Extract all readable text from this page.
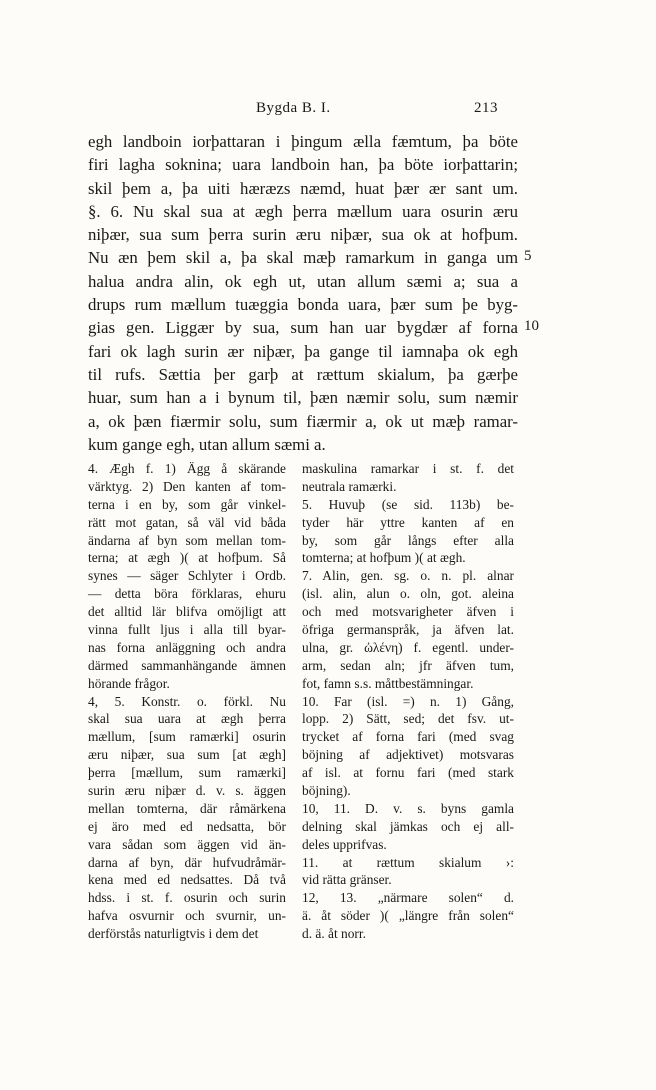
Bygda B. I.	213
egh landboin iorþattaran i þingum ælla fæmtum, þa böte
firi lagha soknina; uara landboin han, þa böte iorþattarin;
skil þem a, þa uiti hæræzs næmd, huat þær ær sant um.
§. 6. Nu skal sua at ægh þerra mællum uara osurin æru
niþær, sua sum þerra surin æru niþær, sua ok at hofþum.
Nu æn þem skil a, þa skal mæþ ramarkum in ganga um
halua andra alin, ok egh ut, utan allum sæmi a; sua a
drups rum mællum tuæggia bonda uara, þær sum þe byg-
gias gen. Liggær by sua, sum han uar bygdær af forna
fari ok lagh surin ær niþær, þa gange til iamnaþa ok egh
til rufs. Sættia þer garþ at rættum skialum, þa gærþe
huar, sum han a i bynum til, þæn næmir solu, sum næmir
a, ok þæn fiærmir solu, sum fiærmir a, ok ut mæþ ramar-
kum gange egh, utan allum sæmi a.
5
10
4. Ægh f. 1) Ägg å skärande
värktyg. 2) Den kanten af tom-
terna i en by, som går vinkel-
rätt mot gatan, så väl vid båda
ändarna af byn som mellan tom-
terna; at ægh )( at hofþum. Så
synes — säger Schlyter i Ordb.
— detta böra förklaras, ehuru
det alltid lär blifva omöjligt att
vinna fullt ljus i alla till byar-
nas forna anläggning och andra
därmed sammanhängande ämnen
hörande frågor.
4, 5. Konstr. o. förkl. Nu
skal sua uara at ægh þerra
mællum, [sum ramærki] osurin
æru niþær, sua sum [at ægh]
þerra [mællum, sum ramærki]
surin æru niþær d. v. s. äggen
mellan tomterna, där råmärkena
ej äro med ed nedsatta, bör
vara sådan som äggen vid än-
darna af byn, där hufvudråmär-
kena med ed nedsattes. Då två
hdss. i st. f. osurin och surin
hafva osvurnir och svurnir, un-
derförstås naturligtvis i dem det
maskulina ramarkar i st. f. det
neutrala ramærki.
5. Huvuþ (se sid. 113b) be-
tyder här yttre kanten af en
by, som går långs efter alla
tomterna; at hofþum )( at ægh.
7. Alin, gen. sg. o. n. pl. alnar
(isl. alin, alun o. oln, got. aleina
och med motsvarigheter äfven i
öfriga germanspråk, ja äfven lat.
ulna, gr. ὠλένη) f. egentl. under-
arm, sedan aln; jfr äfven tum,
fot, famn s.s. måttbestämningar.
10. Far (isl. =) n. 1) Gång,
lopp. 2) Sätt, sed; det fsv. ut-
trycket af forna fari (med svag
böjning af adjektivet) motsvaras
af isl. at fornu fari (med stark
böjning).
10, 11. D. v. s. byns gamla
delning skal jämkas och ej all-
deles upprifvas.
11. at rættum skialum ›:
vid rätta gränser.
12, 13. „närmare solen“ d.
ä. åt söder )( „längre från solen“
d. ä. åt norr.
